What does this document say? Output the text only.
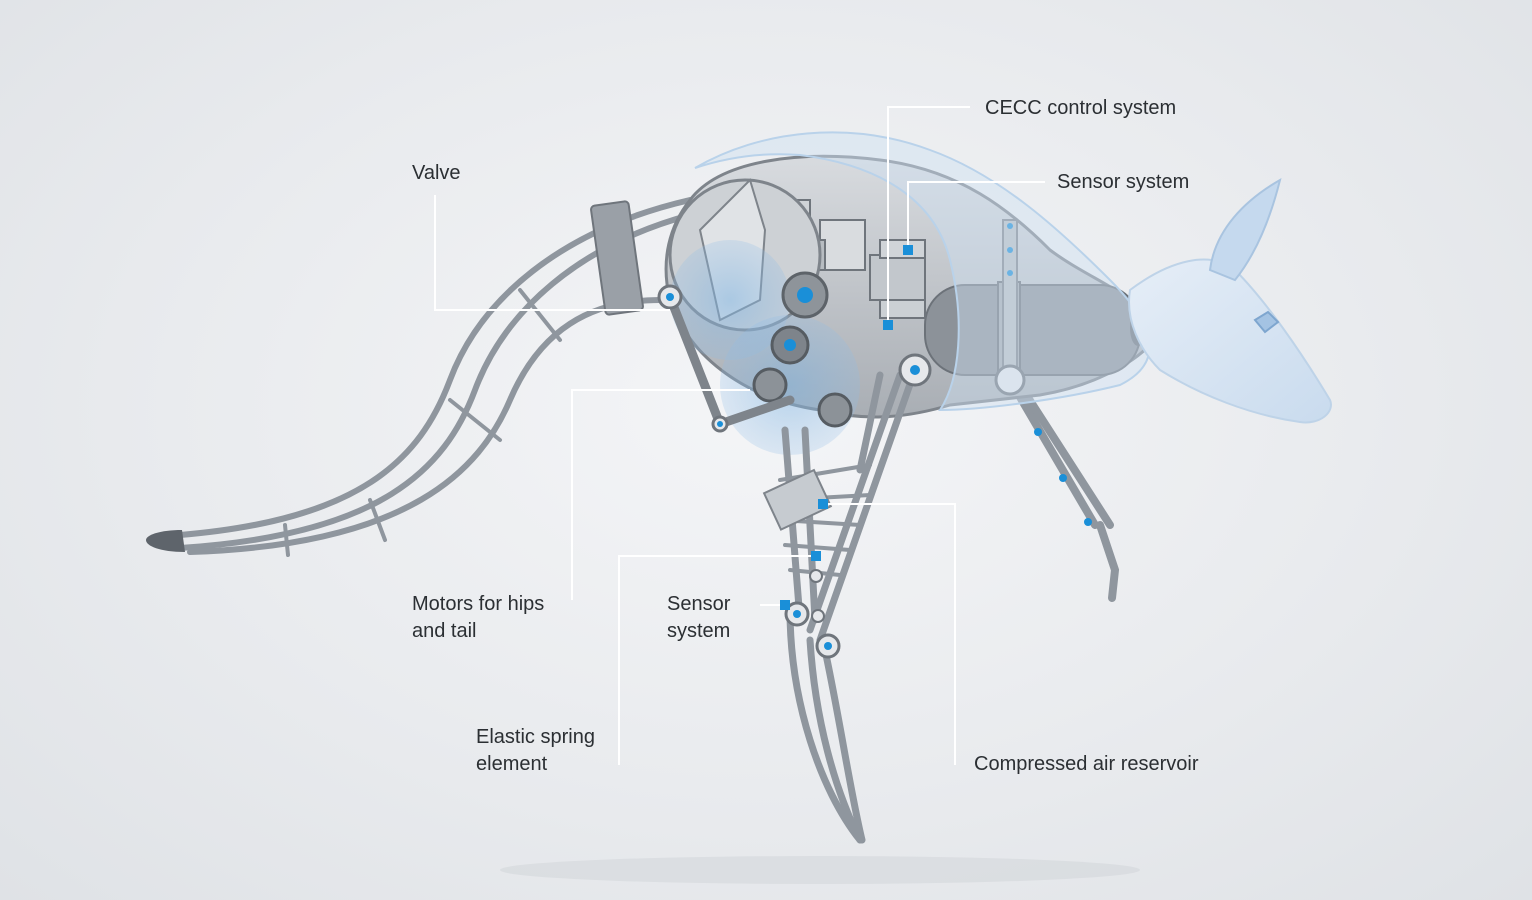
Valve

CECC control system

Sensor system

Motors for hips
and tail

Sensor
system

Elastic spring
element	Compressed air reservoir
